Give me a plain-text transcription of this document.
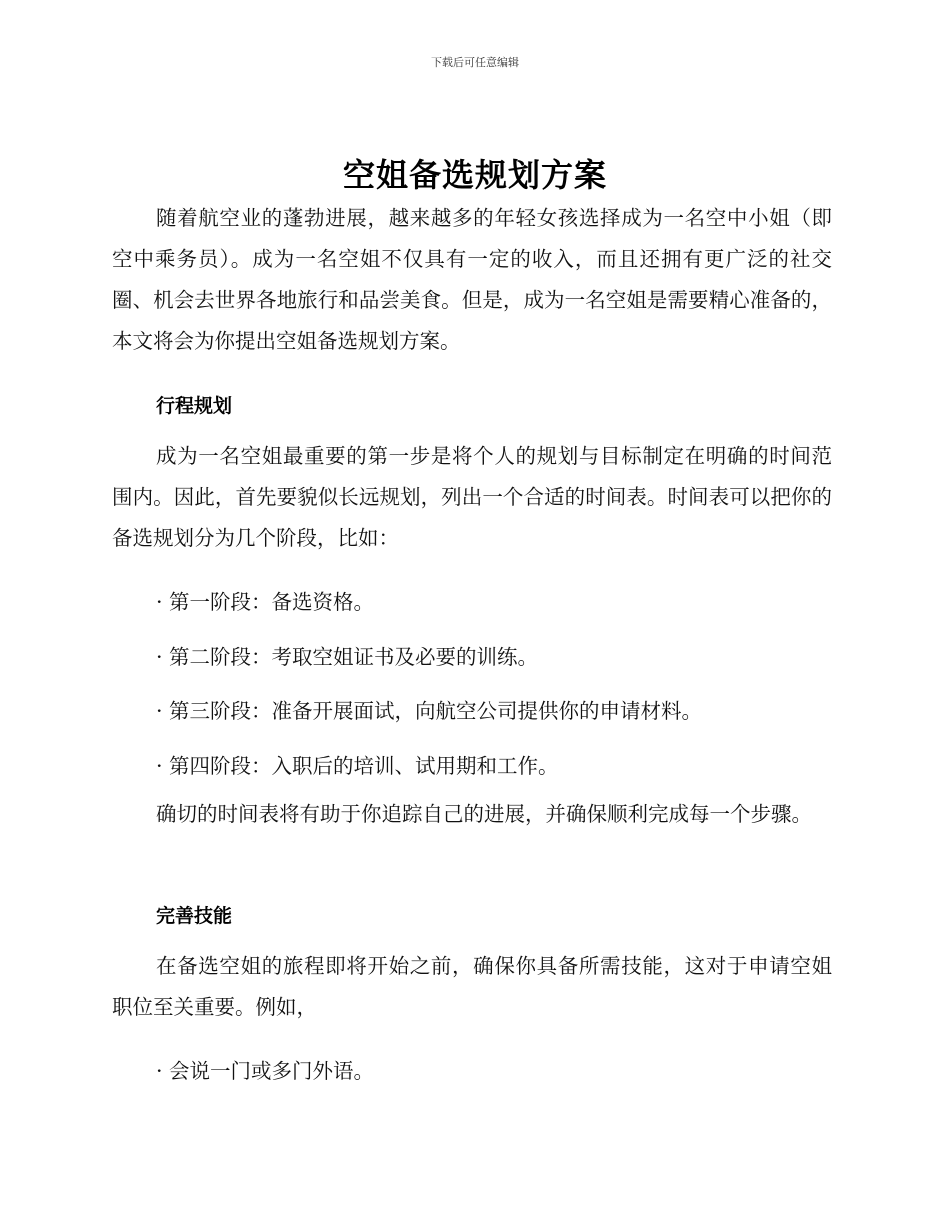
下载后可任意编辑
空姐备选规划方案

随着航空业的蓬勃进展，越来越多的年轻女孩选择成为一名空中小姐（即空中乘务员）。成为一名空姐不仅具有一定的收入，而且还拥有更广泛的社交圈、机会去世界各地旅行和品尝美食。但是，成为一名空姐是需要精心准备的，本文将会为你提出空姐备选规划方案。

行程规划

成为一名空姐最重要的第一步是将个人的规划与目标制定在明确的时间范围内。因此，首先要貌似长远规划，列出一个合适的时间表。时间表可以把你的备选规划分为几个阶段，比如：

· 第一阶段：备选资格。

· 第二阶段：考取空姐证书及必要的训练。

· 第三阶段：准备开展面试，向航空公司提供你的申请材料。

· 第四阶段：入职后的培训、试用期和工作。

确切的时间表将有助于你追踪自己的进展，并确保顺利完成每一个步骤。

完善技能

在备选空姐的旅程即将开始之前，确保你具备所需技能，这对于申请空姐职位至关重要。例如，

· 会说一门或多门外语。
